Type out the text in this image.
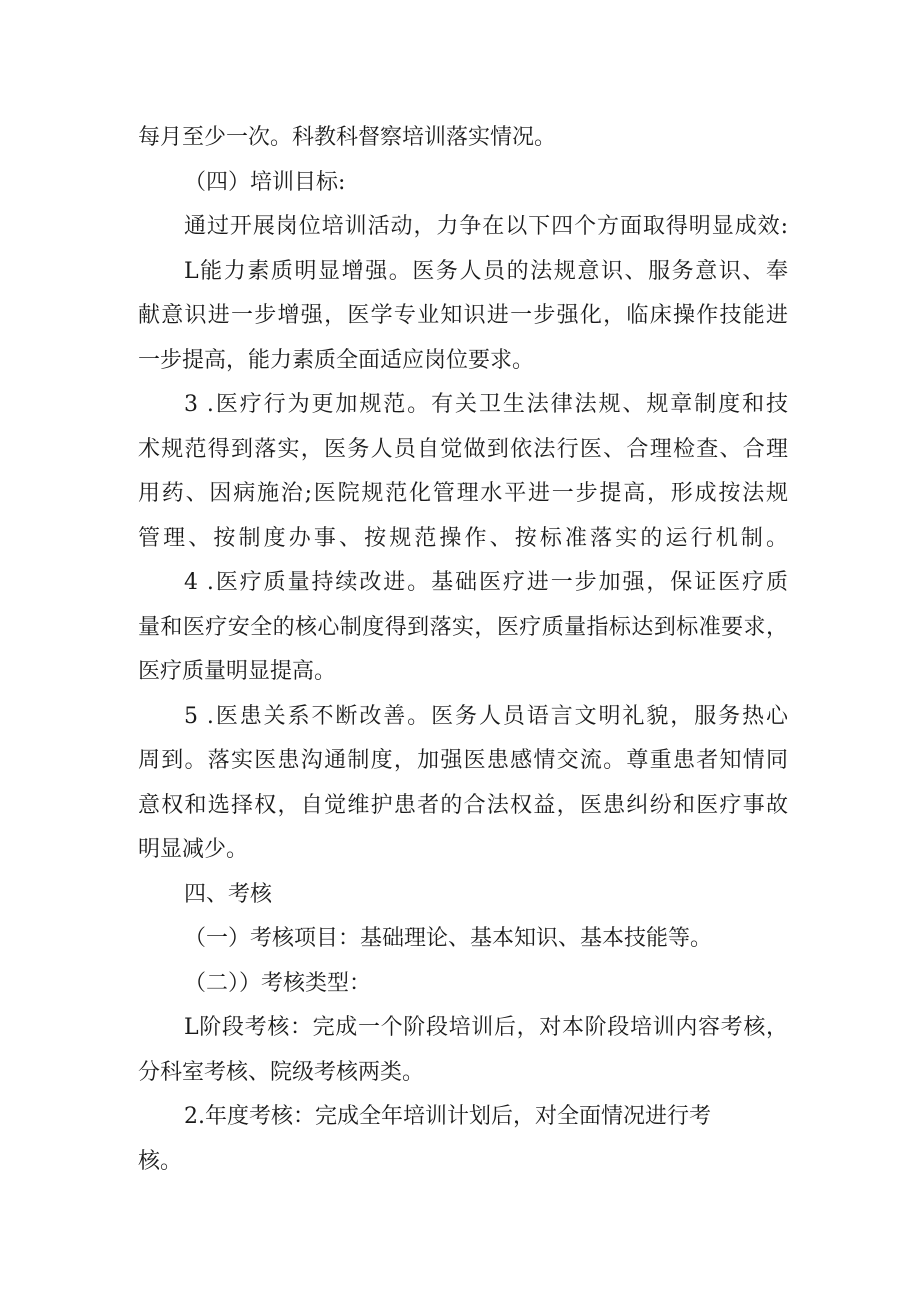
每月至少一次。科教科督察培训落实情况。
（四）培训目标:
通过开展岗位培训活动，力争在以下四个方面取得明显成效:
L能力素质明显增强。医务人员的法规意识、服务意识、奉
献意识进一步增强，医学专业知识进一步强化，临床操作技能进
一步提高，能力素质全面适应岗位要求。
3 .医疗行为更加规范。有关卫生法律法规、规章制度和技
术规范得到落实，医务人员自觉做到依法行医、合理检查、合理
用药、因病施治;医院规范化管理水平进一步提高，形成按法规
管理、按制度办事、按规范操作、按标准落实的运行机制。
4 .医疗质量持续改进。基础医疗进一步加强，保证医疗质
量和医疗安全的核心制度得到落实，医疗质量指标达到标准要求，
医疗质量明显提高。
5 .医患关系不断改善。医务人员语言文明礼貌，服务热心
周到。落实医患沟通制度，加强医患感情交流。尊重患者知情同
意权和选择权，自觉维护患者的合法权益，医患纠纷和医疗事故
明显减少。
四、考核
（一）考核项目：基础理论、基本知识、基本技能等。
（二））考核类型：
L阶段考核：完成一个阶段培训后，对本阶段培训内容考核，
分科室考核、院级考核两类。
2.年度考核：完成全年培训计划后，对全面情况进行考
核。
